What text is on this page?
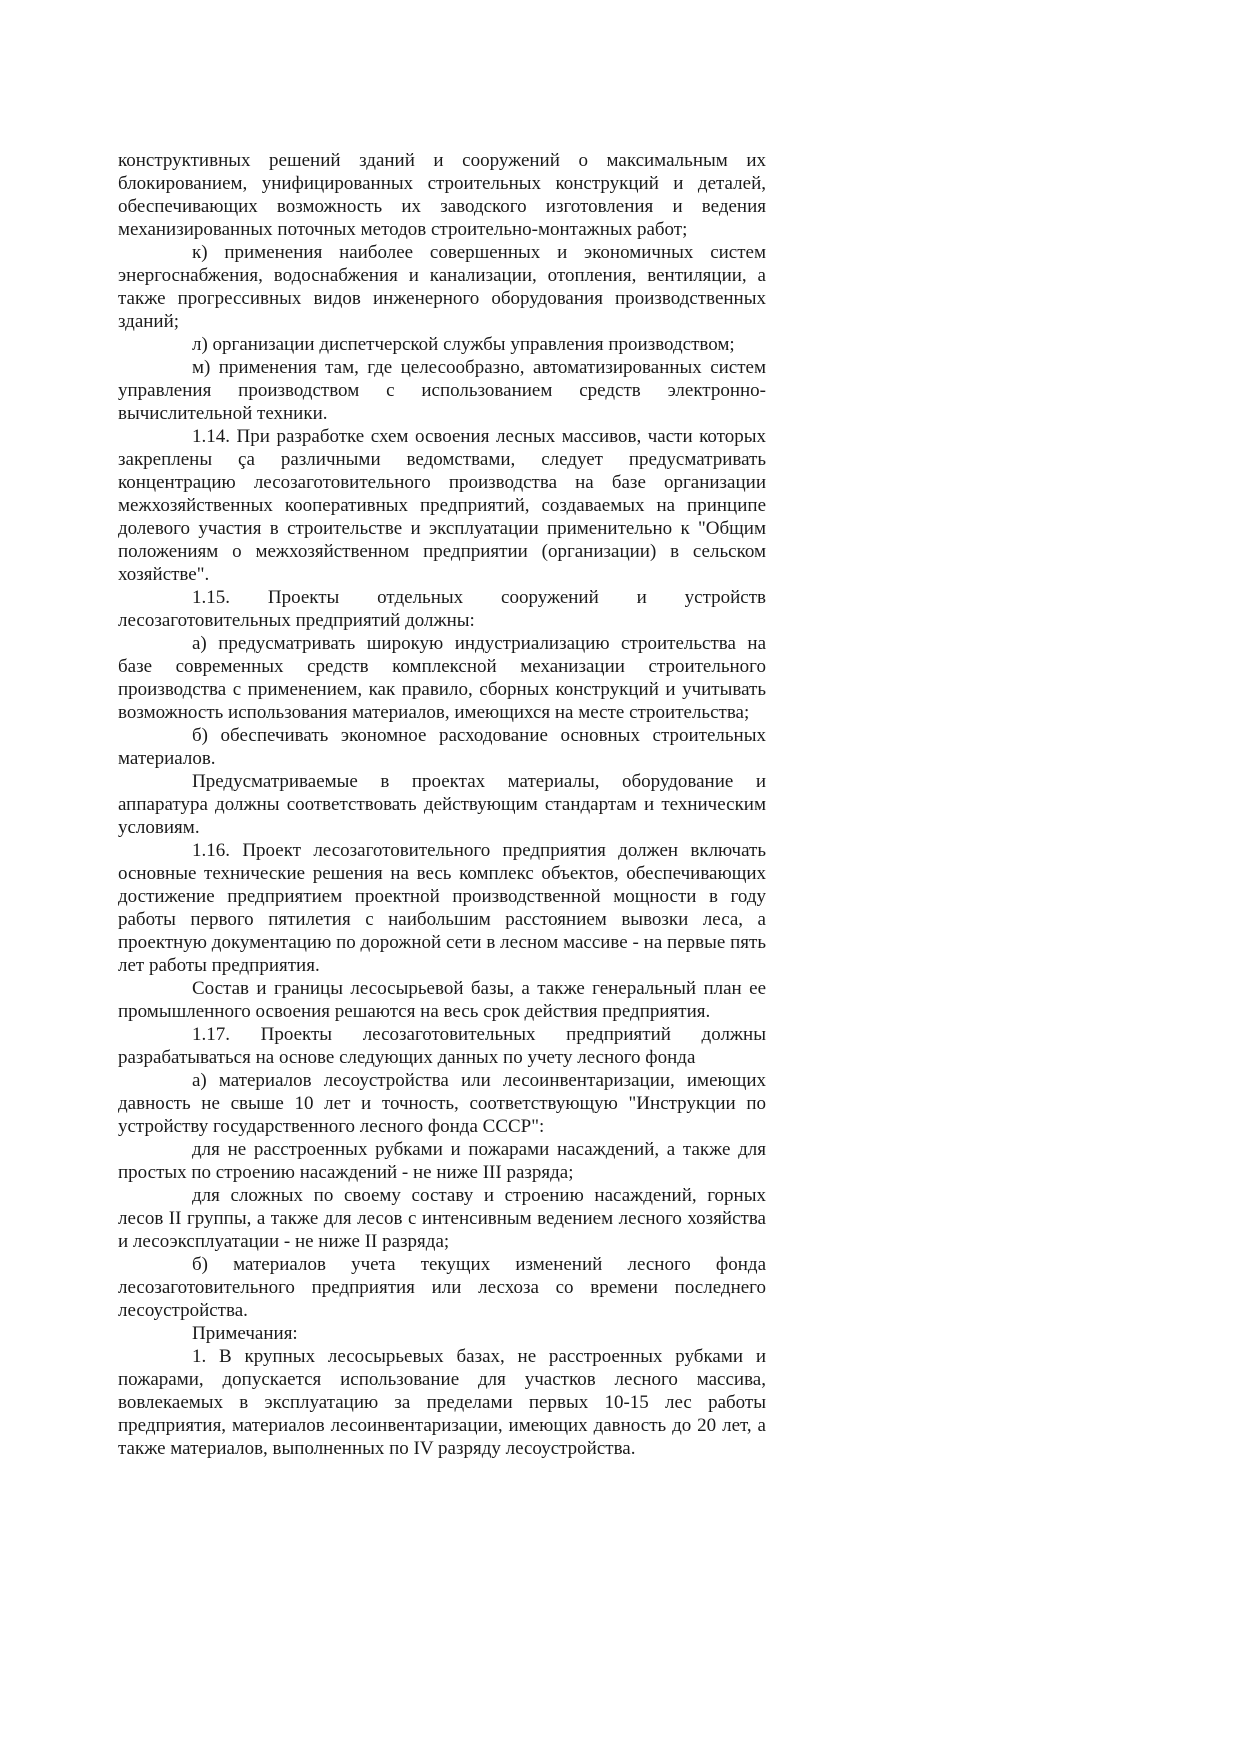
конструктивных решений зданий и сооружений о максимальным их блокированием, унифицированных строительных конструкций и деталей, обеспечивающих возможность их заводского изготовления и ведения механизированных поточных методов строительно-монтажных работ;

к) применения наиболее совершенных и экономичных систем энергоснабжения, водоснабжения и канализации, отопления, вентиляции, а также прогрессивных видов инженерного оборудования производственных зданий;

л) организации диспетчерской службы управления производством;

м) применения там, где целесообразно, автоматизированных систем управления производством с использованием средств электронно-вычислительной техники.

1.14. При разработке схем освоения лесных массивов, части которых закреплены ça различными ведомствами, следует предусматривать концентрацию лесозаготовительного производства на базе организации межхозяйственных кооперативных предприятий, создаваемых на принципе долевого участия в строительстве и эксплуатации применительно к "Общим положениям о межхозяйственном предприятии (организации) в сельском хозяйстве".

1.15. Проекты отдельных сооружений и устройств лесозаготовительных предприятий должны:

а) предусматривать широкую индустриализацию строительства на базе современных средств комплексной механизации строительного производства с применением, как правило, сборных конструкций и учитывать возможность использования материалов, имеющихся на месте строительства;

б) обеспечивать экономное расходование основных строительных материалов.

Предусматриваемые в проектах материалы, оборудование и аппаратура должны соответствовать действующим стандартам и техническим условиям.

1.16. Проект лесозаготовительного предприятия должен включать основные технические решения на весь комплекс объектов, обеспечивающих достижение предприятием проектной производственной мощности в году работы первого пятилетия с наибольшим расстоянием вывозки леса, а проектную документацию по дорожной сети в лесном массиве - на первые пять лет работы предприятия.

Состав и границы лесосырьевой базы, а также генеральный план ее промышленного освоения решаются на весь срок действия предприятия.

1.17. Проекты лесозаготовительных предприятий должны разрабатываться на основе следующих данных по учету лесного фонда

а) материалов лесоустройства или лесоинвентаризации, имеющих давность не свыше 10 лет и точность, соответствующую "Инструкции по устройству государственного лесного фонда СССР":

для не расстроенных рубками и пожарами насаждений, а также для простых по строению насаждений - не ниже III разряда;

для сложных по своему составу и строению насаждений, горных лесов II группы, а также для лесов с интенсивным ведением лесного хозяйства и лесоэксплуатации - не ниже II разряда;

б) материалов учета текущих изменений лесного фонда лесозаготовительного предприятия или лесхоза со времени последнего лесоустройства.

Примечания:

1. В крупных лесосырьевых базах, не расстроенных рубками и пожарами, допускается использование для участков лесного массива, вовлекаемых в эксплуатацию за пределами первых 10-15 лес работы предприятия, материалов лесоинвентаризации, имеющих давность до 20 лет, а также материалов, выполненных по IV разряду лесоустройства.
